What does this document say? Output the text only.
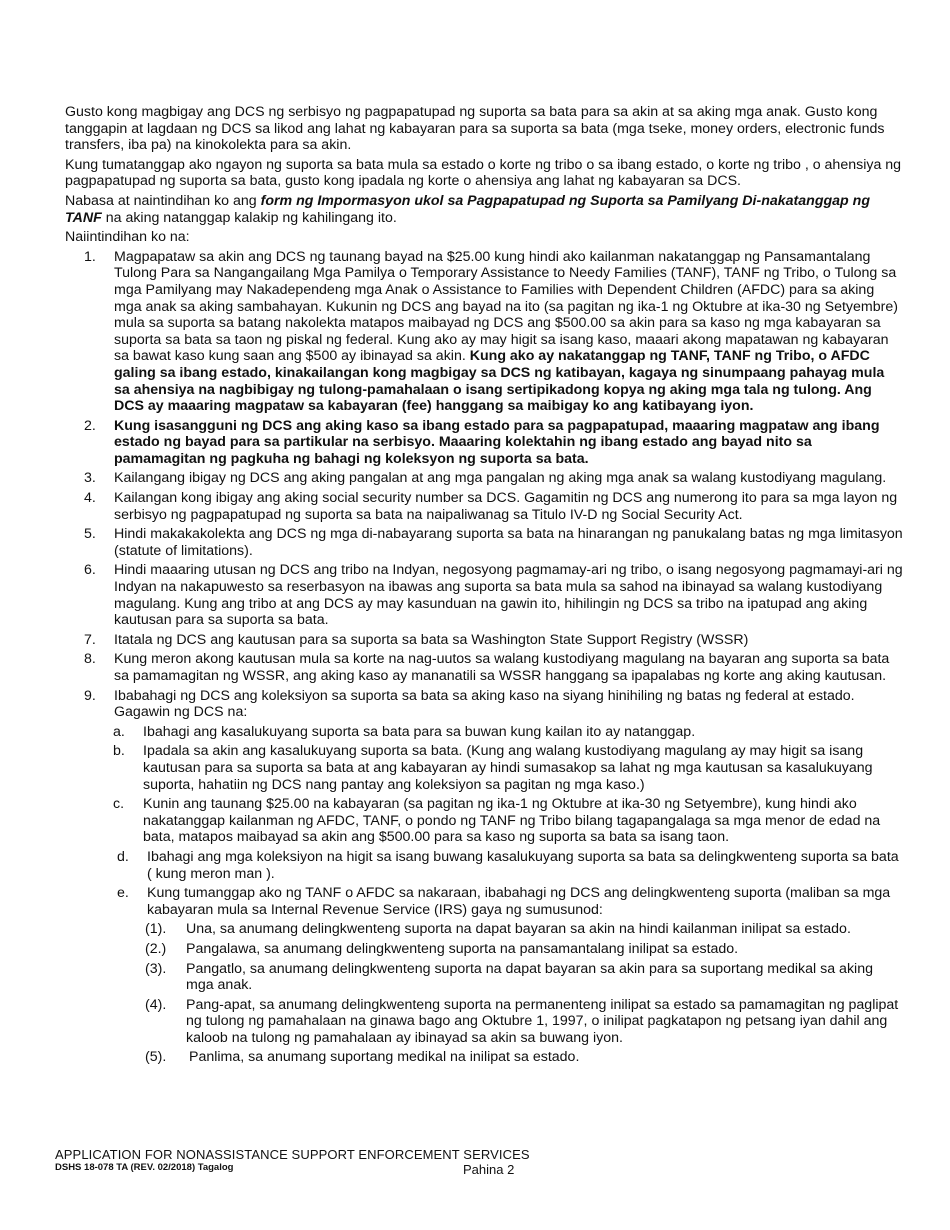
Gusto kong magbigay ang DCS ng serbisyo ng pagpapatupad ng suporta sa bata para sa akin at sa aking mga anak. Gusto kong tanggapin at lagdaan ng DCS sa likod ang lahat ng kabayaran para sa suporta sa bata (mga tseke, money orders, electronic funds transfers, iba pa) na kinokolekta para sa akin.

Kung tumatanggap ako ngayon ng suporta sa bata mula sa estado o korte ng tribo o sa ibang estado, o korte ng tribo , o ahensiya ng pagpapatupad ng suporta sa bata, gusto kong ipadala ng korte o ahensiya ang lahat ng kabayaran sa DCS.

Nabasa at naintindihan ko ang form ng Impormasyon ukol sa Pagpapatupad ng Suporta sa Pamilyang Di-nakatanggap ng TANF na aking natanggap kalakip ng kahilingang ito.

Naiintindihan ko na:

1. Magpapataw sa akin ang DCS ng taunang bayad na $25.00 kung hindi ako kailanman nakatanggap ng Pansamantalang Tulong Para sa Nangangailang Mga Pamilya o Temporary Assistance to Needy Families (TANF), TANF ng Tribo, o Tulong sa mga Pamilyang may Nakadependeng mga Anak o Assistance to Families with Dependent Children (AFDC) para sa aking mga anak sa aking sambahayan. Kukunin ng DCS ang bayad na ito (sa pagitan ng ika-1 ng Oktubre at ika-30 ng Setyembre) mula sa suporta sa batang nakolekta matapos maibayad ng DCS ang $500.00 sa akin para sa kaso ng mga kabayaran sa suporta sa bata sa taon ng piskal ng federal. Kung ako ay may higit sa isang kaso, maaari akong mapatawan ng kabayaran sa bawat kaso kung saan ang $500 ay ibinayad sa akin. Kung ako ay nakatanggap ng TANF, TANF ng Tribo, o AFDC galing sa ibang estado, kinakailangan kong magbigay sa DCS ng katibayan, kagaya ng sinumpaang pahayag mula sa ahensiya na nagbibigay ng tulong-pamahalaan o isang sertipikadong kopya ng aking mga tala ng tulong. Ang DCS ay maaaring magpataw sa kabayaran (fee) hanggang sa maibigay ko ang katibayang iyon.
2. Kung isasangguni ng DCS ang aking kaso sa ibang estado para sa pagpapatupad, maaaring magpataw ang ibang estado ng bayad para sa partikular na serbisyo. Maaaring kolektahin ng ibang estado ang bayad nito sa pamamagitan ng pagkuha ng bahagi ng koleksyon ng suporta sa bata.
3. Kailangang ibigay ng DCS ang aking pangalan at ang mga pangalan ng aking mga anak sa walang kustodiyang magulang.
4. Kailangan kong ibigay ang aking social security number sa DCS. Gagamitin ng DCS ang numerong ito para sa mga layon ng serbisyo ng pagpapatupad ng suporta sa bata na naipaliwanag sa Titulo IV-D ng Social Security Act.
5. Hindi makakakolekta ang DCS ng mga di-nabayarang suporta sa bata na hinarangan ng panukalang batas ng mga limitasyon (statute of limitations).
6. Hindi maaaring utusan ng DCS ang tribo na Indyan, negosyong pagmamay-ari ng tribo, o isang negosyong pagmamayi-ari ng Indyan na nakapuwesto sa reserbasyon na ibawas ang suporta sa bata mula sa sahod na ibinayad sa walang kustodiyang magulang. Kung ang tribo at ang DCS ay may kasunduan na gawin ito, hihilingin ng DCS sa tribo na ipatupad ang aking kautusan para sa suporta sa bata.
7. Itatala ng DCS ang kautusan para sa suporta sa bata sa Washington State Support Registry (WSSR)
8. Kung meron akong kautusan mula sa korte na nag-uutos sa walang kustodiyang magulang na bayaran ang suporta sa bata sa pamamagitan ng WSSR, ang aking kaso ay mananatili sa WSSR hanggang sa ipapalabas ng korte ang aking kautusan.
9. Ibabahagi ng DCS ang koleksiyon sa suporta sa bata sa aking kaso na siyang hinihiling ng batas ng federal at estado. Gagawin ng DCS na:
a. Ibahagi ang kasalukuyang suporta sa bata para sa buwan kung kailan ito ay natanggap.
b. Ipadala sa akin ang kasalukuyang suporta sa bata. (Kung ang walang kustodiyang magulang ay may higit sa isang kautusan para sa suporta sa bata at ang kabayaran ay hindi sumasakop sa lahat ng mga kautusan sa kasalukuyang suporta, hahatiin ng DCS nang pantay ang koleksiyon sa pagitan ng mga kaso.)
c. Kunin ang taunang $25.00 na kabayaran (sa pagitan ng ika-1 ng Oktubre at ika-30 ng Setyembre), kung hindi ako nakatanggap kailanman ng AFDC, TANF, o pondo ng TANF ng Tribo bilang tagapangalaga sa mga menor de edad na bata, matapos maibayad sa akin ang $500.00 para sa kaso ng suporta sa bata sa isang taon.
d. Ibahagi ang mga koleksiyon na higit sa isang buwang kasalukuyang suporta sa bata sa delingkwenteng suporta sa bata ( kung meron man ).
e. Kung tumanggap ako ng TANF o AFDC sa nakaraan, ibabahagi ng DCS ang delingkwenteng suporta (maliban sa mga kabayaran mula sa Internal Revenue Service (IRS) gaya ng sumusunod:
(1). Una, sa anumang delingkwenteng suporta na dapat bayaran sa akin na hindi kailanman inilipat sa estado.
(2.) Pangalawa, sa anumang delingkwenteng suporta na pansamantalang inilipat sa estado.
(3). Pangatlo, sa anumang delingkwenteng suporta na dapat bayaran sa akin para sa suportang medikal sa aking mga anak.
(4). Pang-apat, sa anumang delingkwenteng suporta na permanenteng inilipat sa estado sa pamamagitan ng paglipat ng tulong ng pamahalaan na ginawa bago ang Oktubre 1, 1997, o inilipat pagkatapon ng petsang iyan dahil ang kaloob na tulong ng pamahalaan ay ibinayad sa akin sa buwang iyon.
(5). Panlima, sa anumang suportang medikal na inilipat sa estado.
APPLICATION FOR NONASSISTANCE SUPPORT ENFORCEMENT SERVICES
DSHS 18-078 TA (REV. 02/2018) Tagalog	Pahina 2
